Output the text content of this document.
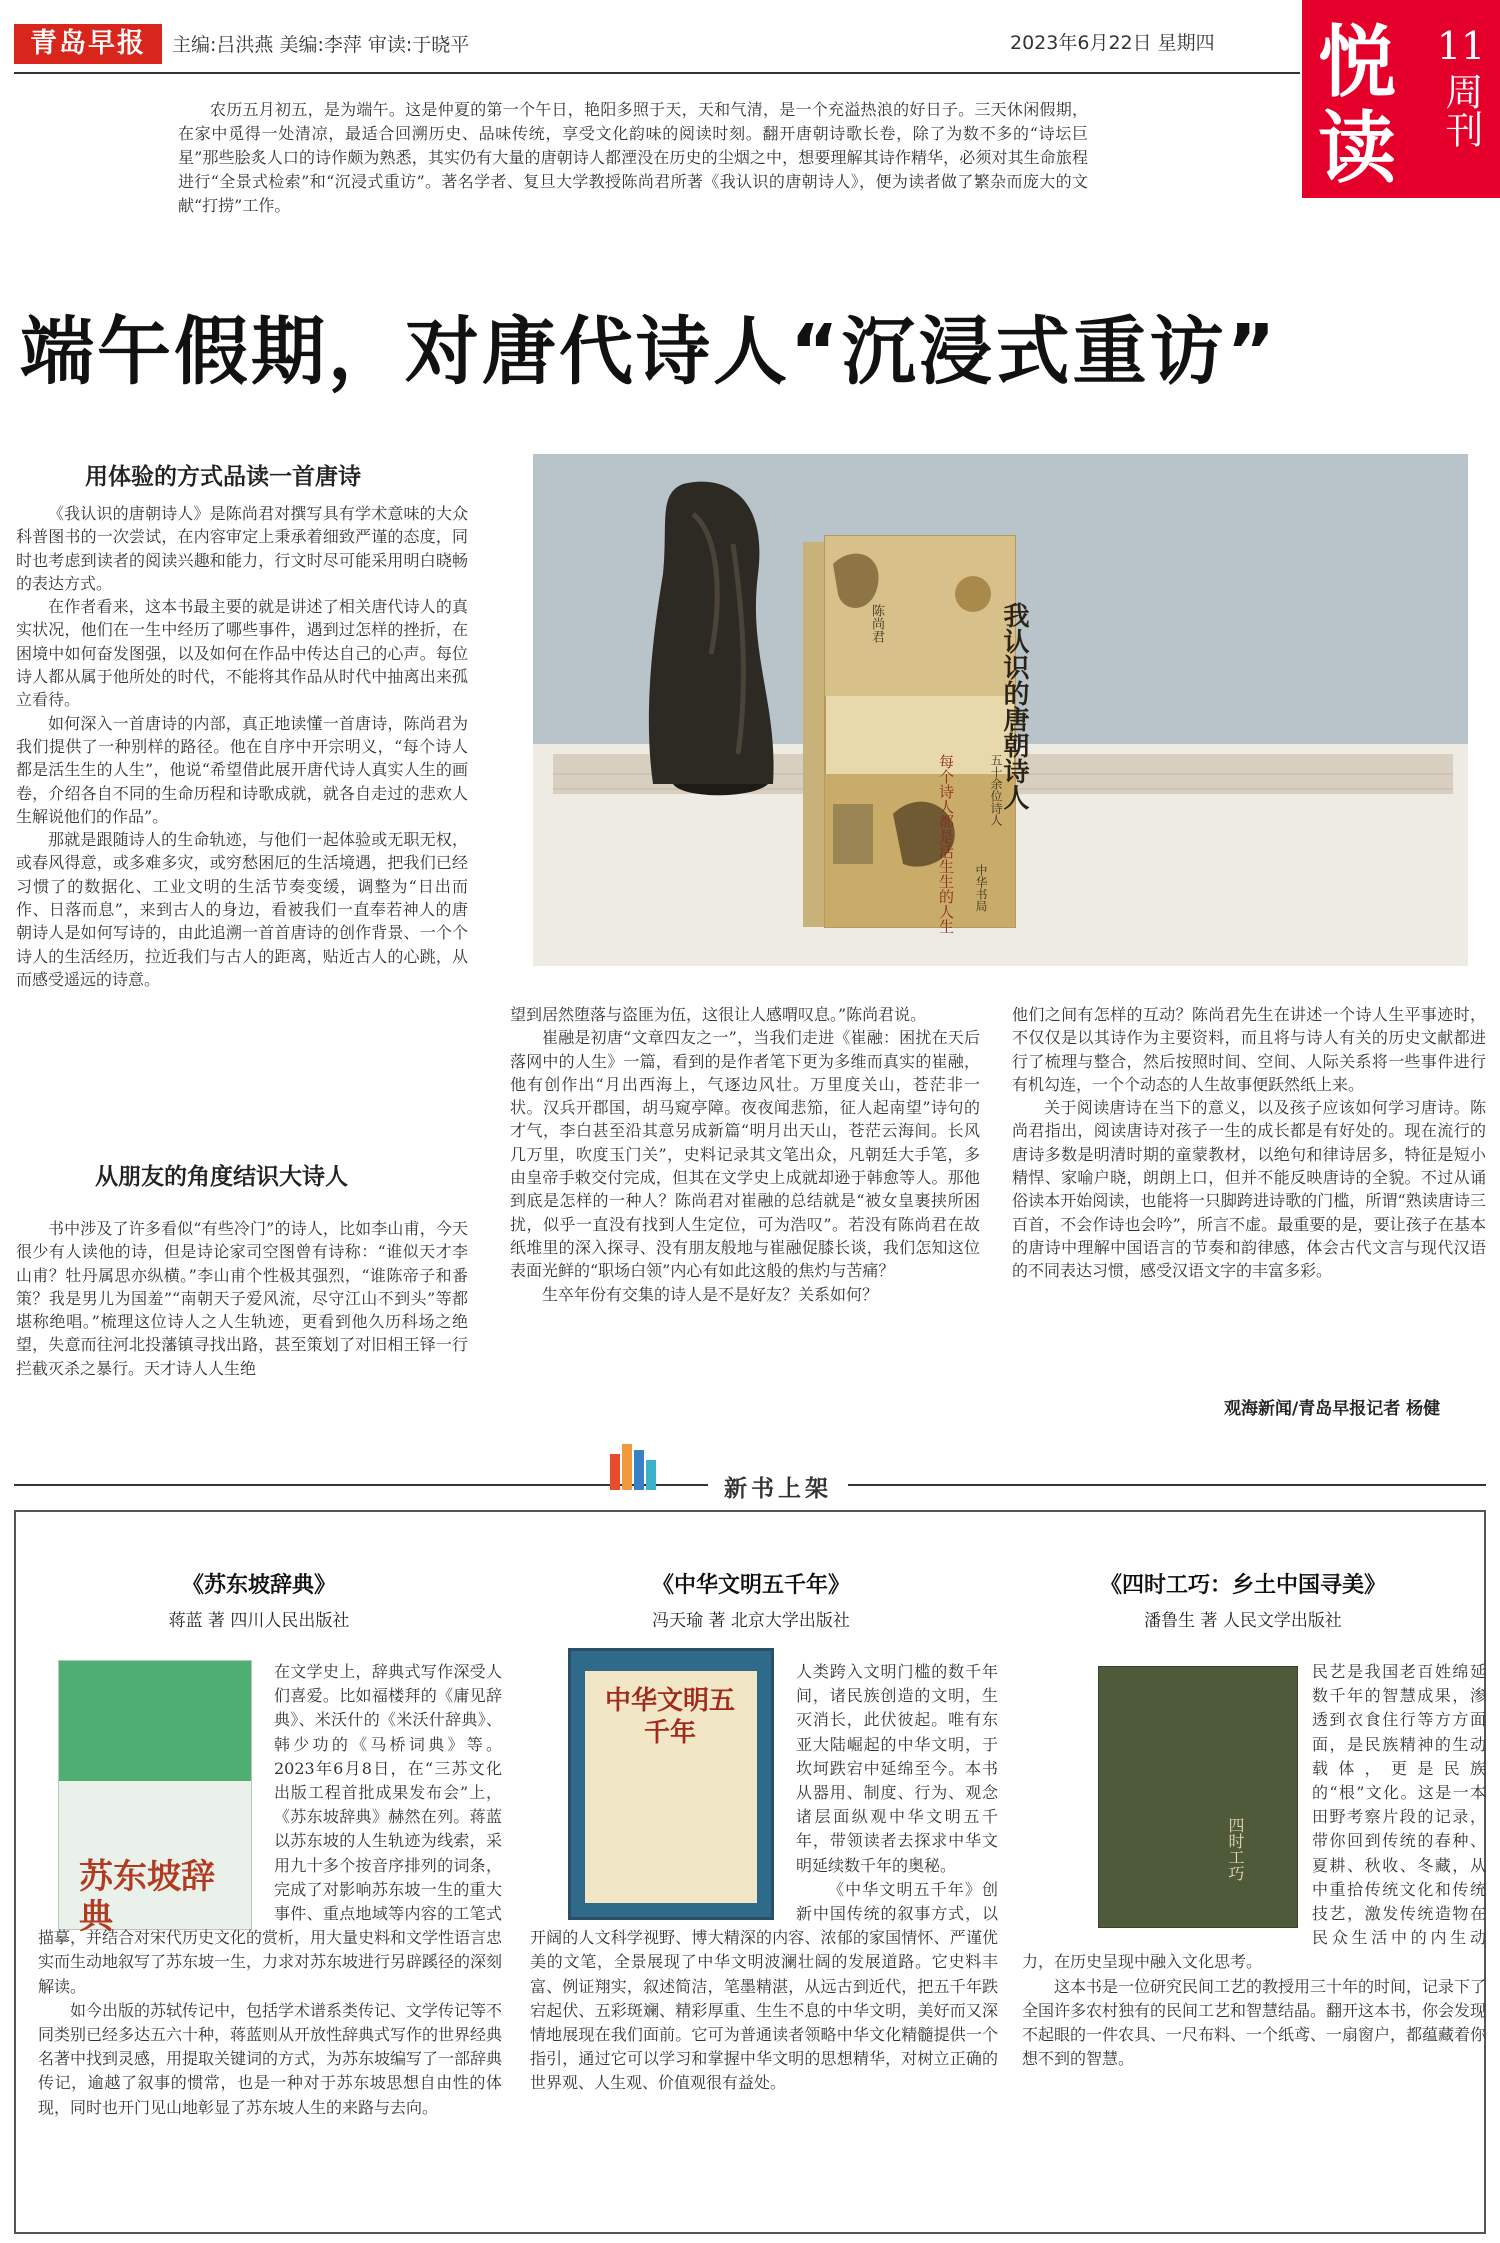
青岛早报	主编:吕洪燕 美编:李萍 审读:于晓平	2023年6月22日 星期四 悦读
11
周刊
农历五月初五，是为端午。这是仲夏的第一个午日，艳阳多照于天，天和气清，是一个充溢热浪的好日子。三天休闲假期，在家中觅得一处清凉，最适合回溯历史、品味传统，享受文化韵味的阅读时刻。翻开唐朝诗歌长卷，除了为数不多的“诗坛巨星”那些脍炙人口的诗作颇为熟悉，其实仍有大量的唐朝诗人都湮没在历史的尘烟之中，想要理解其诗作精华，必须对其生命旅程进行“全景式检索”和“沉浸式重访”。著名学者、复旦大学教授陈尚君所著《我认识的唐朝诗人》，便为读者做了繁杂而庞大的文献“打捞”工作。
端午假期，对唐代诗人“沉浸式重访”
用体验的方式品读一首唐诗

《我认识的唐朝诗人》是陈尚君对撰写具有学术意味的大众科普图书的一次尝试，在内容审定上秉承着细致严谨的态度，同时也考虑到读者的阅读兴趣和能力，行文时尽可能采用明白晓畅的表达方式。

在作者看来，这本书最主要的就是讲述了相关唐代诗人的真实状况，他们在一生中经历了哪些事件，遇到过怎样的挫折，在困境中如何奋发图强，以及如何在作品中传达自己的心声。每位诗人都从属于他所处的时代，不能将其作品从时代中抽离出来孤立看待。

如何深入一首唐诗的内部，真正地读懂一首唐诗，陈尚君为我们提供了一种别样的路径。他在自序中开宗明义，“每个诗人都是活生生的人生”，他说“希望借此展开唐代诗人真实人生的画卷，介绍各自不同的生命历程和诗歌成就，就各自走过的悲欢人生解说他们的作品”。

那就是跟随诗人的生命轨迹，与他们一起体验或无职无权，或春风得意，或多难多灾，或穷愁困厄的生活境遇，把我们已经习惯了的数据化、工业文明的生活节奏变缓，调整为“日出而作、日落而息”，来到古人的身边，看被我们一直奉若神人的唐朝诗人是如何写诗的，由此追溯一首首唐诗的创作背景、一个个诗人的生活经历，拉近我们与古人的距离，贴近古人的心跳，从而感受遥远的诗意。

从朋友的角度结识大诗人

书中涉及了许多看似“有些冷门”的诗人，比如李山甫，今天很少有人读他的诗，但是诗论家司空图曾有诗称：“谁似天才李山甫？牡丹属思亦纵横。”李山甫个性极其强烈，“谁陈帝子和番策？我是男儿为国羞”“南朝天子爱风流，尽守江山不到头”等都堪称绝唱。”梳理这位诗人之人生轨迹，更看到他久历科场之绝望，失意而往河北投藩镇寻找出路，甚至策划了对旧相王铎一行拦截灭杀之暴行。天才诗人人生绝

我认识的唐朝诗人
陈尚君
每个诗人都是活生生的人生	五十余位诗人
中华书局

望到居然堕落与盗匪为伍，这很让人感喟叹息。”陈尚君说。

崔融是初唐“文章四友之一”，当我们走进《崔融：困扰在天后落网中的人生》一篇，看到的是作者笔下更为多维而真实的崔融，他有创作出“月出西海上，气逐边风壮。万里度关山，苍茫非一状。汉兵开郡国，胡马窥亭障。夜夜闻悲笳，征人起南望”诗句的才气，李白甚至沿其意另成新篇“明月出天山，苍茫云海间。长风几万里，吹度玉门关”，史料记录其文笔出众，凡朝廷大手笔，多由皇帝手敕交付完成，但其在文学史上成就却逊于韩愈等人。那他到底是怎样的一种人？陈尚君对崔融的总结就是“被女皇裹挟所困扰，似乎一直没有找到人生定位，可为浩叹”。若没有陈尚君在故纸堆里的深入探寻、没有朋友般地与崔融促膝长谈，我们怎知这位表面光鲜的“职场白领”内心有如此这般的焦灼与苦痛？

生卒年份有交集的诗人是不是好友？关系如何？

他们之间有怎样的互动？陈尚君先生在讲述一个诗人生平事迹时，不仅仅是以其诗作为主要资料，而且将与诗人有关的历史文献都进行了梳理与整合，然后按照时间、空间、人际关系将一些事件进行有机勾连，一个个动态的人生故事便跃然纸上来。

关于阅读唐诗在当下的意义，以及孩子应该如何学习唐诗。陈尚君指出，阅读唐诗对孩子一生的成长都是有好处的。现在流行的唐诗多数是明清时期的童蒙教材，以绝句和律诗居多，特征是短小精悍、家喻户晓，朗朗上口，但并不能反映唐诗的全貌。不过从诵俗读本开始阅读，也能将一只脚跨进诗歌的门槛，所谓“熟读唐诗三百首，不会作诗也会吟”，所言不虚。最重要的是，要让孩子在基本的唐诗中理解中国语言的节奏和韵律感，体会古代文言与现代汉语的不同表达习惯，感受汉语文字的丰富多彩。

观海新闻/青岛早报记者 杨健
新书上架
《苏东坡辞典》
蒋蓝 著 四川人民出版社
苏东坡辞典

在文学史上，辞典式写作深受人们喜爱。比如福楼拜的《庸见辞典》、米沃什的《米沃什辞典》、韩少功的《马桥词典》等。2023年6月8日，在“三苏文化出版工程首批成果发布会”上，《苏东坡辞典》赫然在列。蒋蓝以苏东坡的人生轨迹为线索，采用九十多个按音序排列的词条，完成了对影响苏东坡一生的重大事件、重点地域等内容的工笔式描摹，并结合对宋代历史文化的赏析，用大量史料和文学性语言忠实而生动地叙写了苏东坡一生，力求对苏东坡进行另辟蹊径的深刻解读。

如今出版的苏轼传记中，包括学术谱系类传记、文学传记等不同类别已经多达五六十种，蒋蓝则从开放性辞典式写作的世界经典名著中找到灵感，用提取关键词的方式，为苏东坡编写了一部辞典传记，逾越了叙事的惯常，也是一种对于苏东坡思想自由性的体现，同时也开门见山地彰显了苏东坡人生的来路与去向。

《中华文明五千年》
冯天瑜 著 北京大学出版社
中华文明五千年

人类跨入文明门槛的数千年间，诸民族创造的文明，生灭消长，此伏彼起。唯有东亚大陆崛起的中华文明，于坎坷跌宕中延绵至今。本书从器用、制度、行为、观念诸层面纵观中华文明五千年，带领读者去探求中华文明延续数千年的奥秘。

《中华文明五千年》创新中国传统的叙事方式，以开阔的人文科学视野、博大精深的内容、浓郁的家国情怀、严谨优美的文笔，全景展现了中华文明波澜壮阔的发展道路。它史料丰富、例证翔实，叙述简洁，笔墨精湛，从远古到近代，把五千年跌宕起伏、五彩斑斓、精彩厚重、生生不息的中华文明，美好而又深情地展现在我们面前。它可为普通读者领略中华文化精髓提供一个指引，通过它可以学习和掌握中华文明的思想精华，对树立正确的世界观、人生观、价值观很有益处。

《四时工巧：乡土中国寻美》
潘鲁生 著 人民文学出版社
四时工巧

民艺是我国老百姓绵延数千年的智慧成果，渗透到衣食住行等方方面面，是民族精神的生动载体，更是民族的“根”文化。这是一本田野考察片段的记录，带你回到传统的春种、夏耕、秋收、冬藏，从中重拾传统文化和传统技艺，激发传统造物在民众生活中的内生动力，在历史呈现中融入文化思考。

这本书是一位研究民间工艺的教授用三十年的时间，记录下了全国许多农村独有的民间工艺和智慧结晶。翻开这本书，你会发现不起眼的一件农具、一尺布料、一个纸鸢、一扇窗户，都蕴藏着你想不到的智慧。
